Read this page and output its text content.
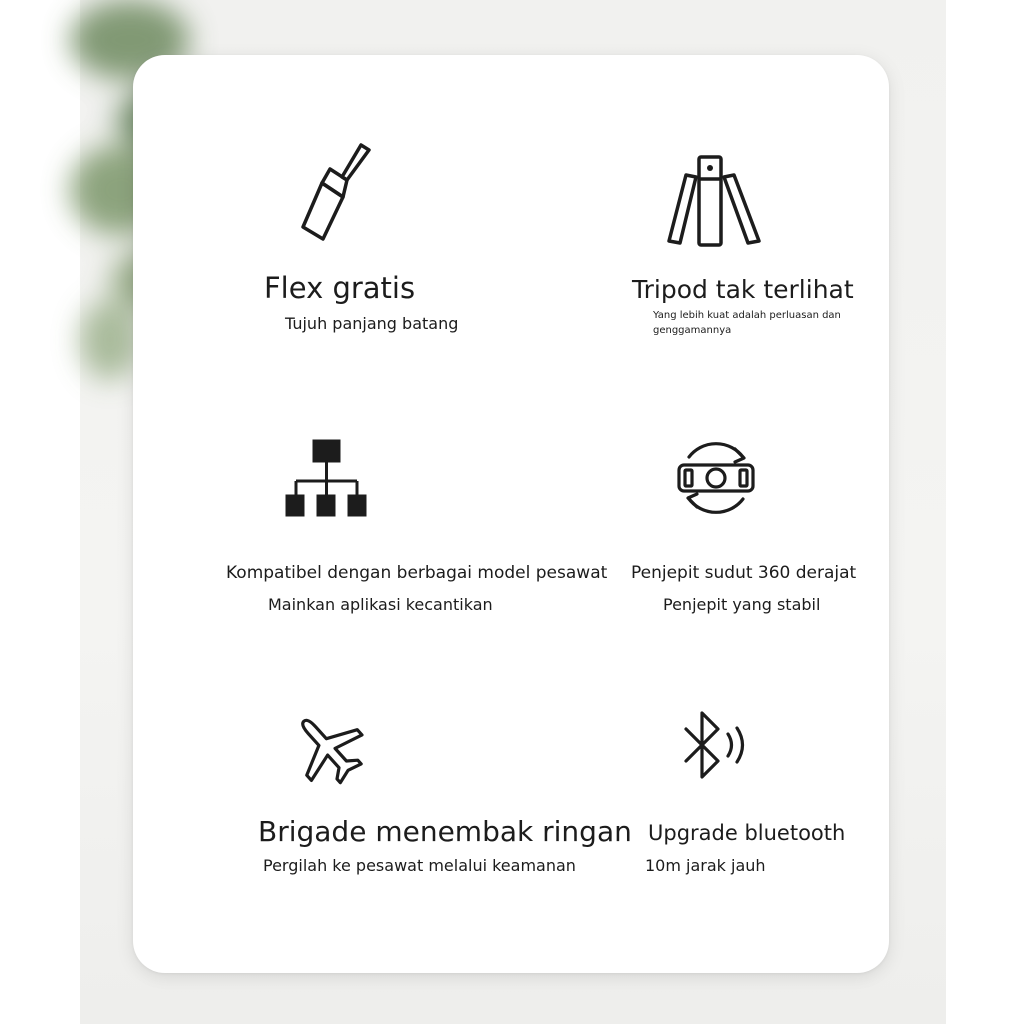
Flex gratis
Tujuh panjang batang
Tripod tak terlihat
Yang lebih kuat adalah perluasan dan
genggamannya
Kompatibel dengan berbagai model pesawat
Mainkan aplikasi kecantikan
Penjepit sudut 360 derajat
Penjepit yang stabil
Brigade menembak ringan
Pergilah ke pesawat melalui keamanan
Upgrade bluetooth
10m jarak jauh
